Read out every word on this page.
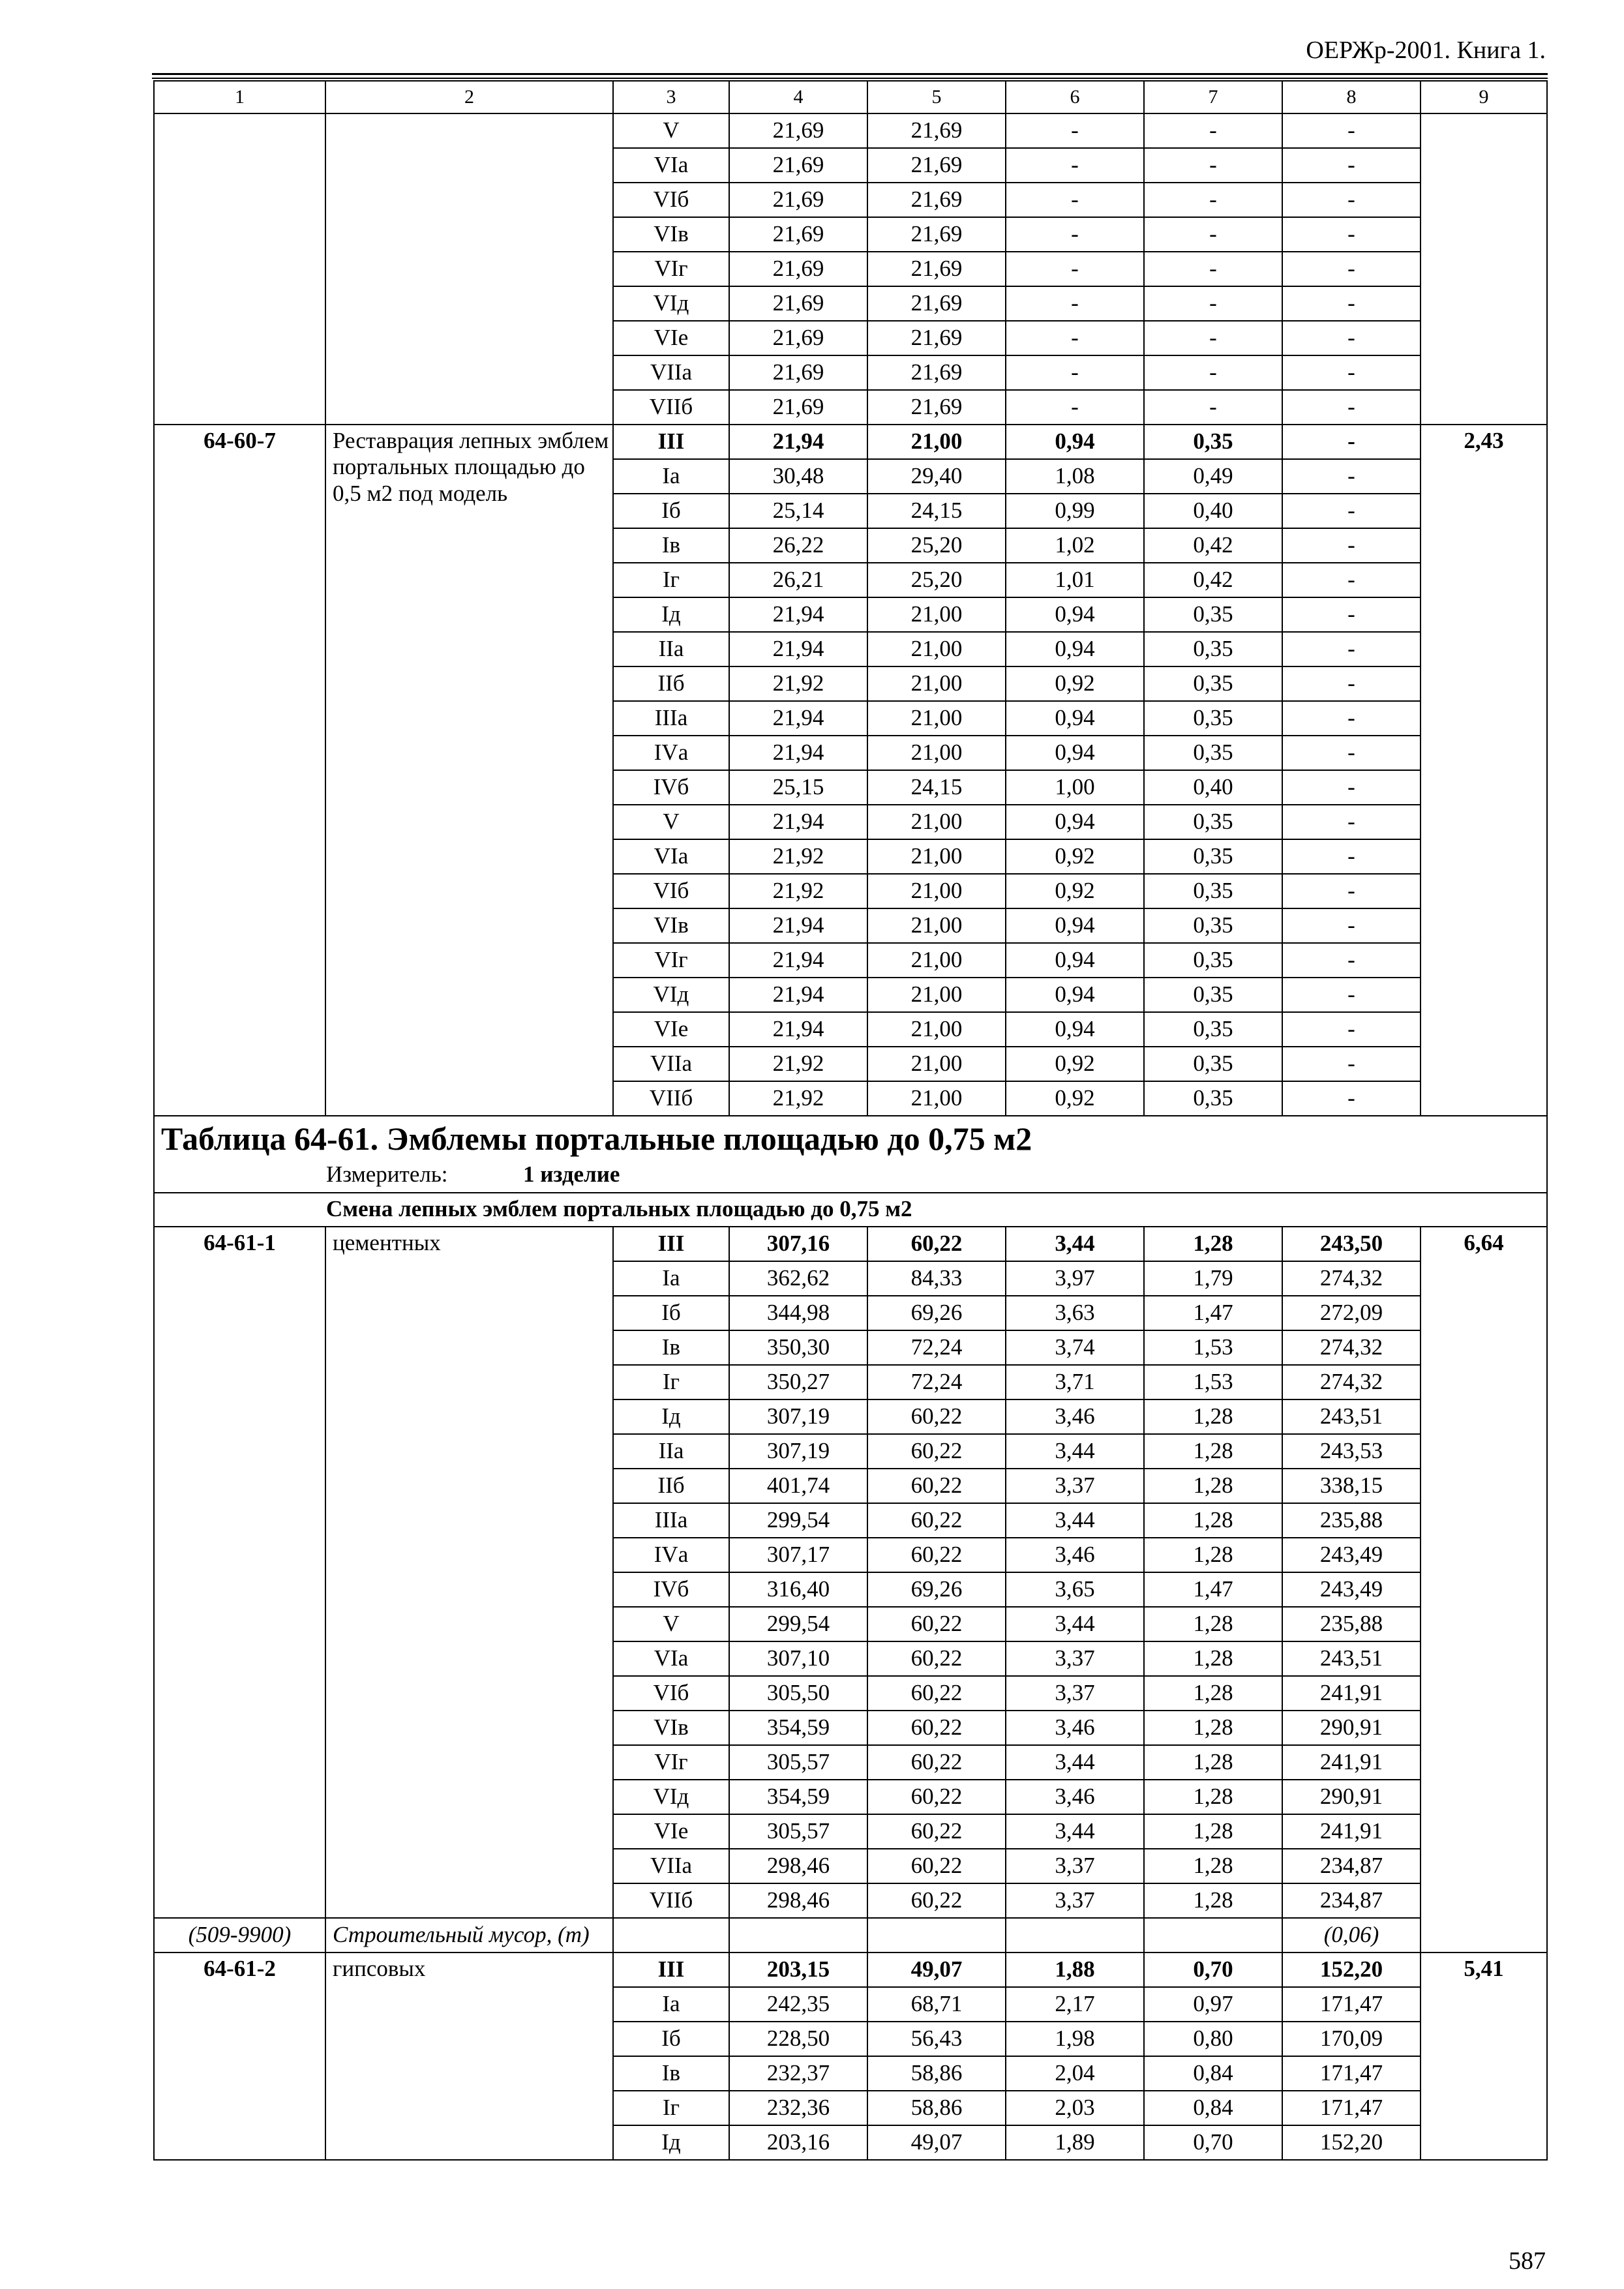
ОЕРЖр-2001. Книга 1.
1	2	3	4	5	6	7	8	9
		V	21,69	21,69	-	-	-	
		VIа	21,69	21,69	-	-	-	
		VIб	21,69	21,69	-	-	-	
		VIв	21,69	21,69	-	-	-	
		VIг	21,69	21,69	-	-	-	
		VIд	21,69	21,69	-	-	-	
		VIе	21,69	21,69	-	-	-	
		VIIа	21,69	21,69	-	-	-	
		VIIб	21,69	21,69	-	-	-	
64-60-7	Реставрация лепных эмблем портальных площадью до 0,5 м2 под модель	III	21,94	21,00	0,94	0,35	-	2,43
		Iа	30,48	29,40	1,08	0,49	-	
		Iб	25,14	24,15	0,99	0,40	-	
		Iв	26,22	25,20	1,02	0,42	-	
		Iг	26,21	25,20	1,01	0,42	-	
		Iд	21,94	21,00	0,94	0,35	-	
		IIа	21,94	21,00	0,94	0,35	-	
		IIб	21,92	21,00	0,92	0,35	-	
		IIIа	21,94	21,00	0,94	0,35	-	
		IVа	21,94	21,00	0,94	0,35	-	
		IVб	25,15	24,15	1,00	0,40	-	
		V	21,94	21,00	0,94	0,35	-	
		VIа	21,92	21,00	0,92	0,35	-	
		VIб	21,92	21,00	0,92	0,35	-	
		VIв	21,94	21,00	0,94	0,35	-	
		VIг	21,94	21,00	0,94	0,35	-	
		VIд	21,94	21,00	0,94	0,35	-	
		VIе	21,94	21,00	0,94	0,35	-	
		VIIа	21,92	21,00	0,92	0,35	-	
		VIIб	21,92	21,00	0,92	0,35	-	
Таблица 64-61. Эмблемы портальные площадью до 0,75 м2								
Измеритель: 1 изделие								
Смена лепных эмблем портальных площадью до 0,75 м2								
64-61-1	цементных	III	307,16	60,22	3,44	1,28	243,50	6,64
		Iа	362,62	84,33	3,97	1,79	274,32	
		Iб	344,98	69,26	3,63	1,47	272,09	
		Iв	350,30	72,24	3,74	1,53	274,32	
		Iг	350,27	72,24	3,71	1,53	274,32	
		Iд	307,19	60,22	3,46	1,28	243,51	
		IIа	307,19	60,22	3,44	1,28	243,53	
		IIб	401,74	60,22	3,37	1,28	338,15	
		IIIа	299,54	60,22	3,44	1,28	235,88	
		IVа	307,17	60,22	3,46	1,28	243,49	
		IVб	316,40	69,26	3,65	1,47	243,49	
		V	299,54	60,22	3,44	1,28	235,88	
		VIа	307,10	60,22	3,37	1,28	243,51	
		VIб	305,50	60,22	3,37	1,28	241,91	
		VIв	354,59	60,22	3,46	1,28	290,91	
		VIг	305,57	60,22	3,44	1,28	241,91	
		VIд	354,59	60,22	3,46	1,28	290,91	
		VIе	305,57	60,22	3,44	1,28	241,91	
		VIIа	298,46	60,22	3,37	1,28	234,87	
		VIIб	298,46	60,22	3,37	1,28	234,87	
(509-9900)	Строительный мусор, (т)						(0,06)	
64-61-2	гипсовых	III	203,15	49,07	1,88	0,70	152,20	5,41
		Iа	242,35	68,71	2,17	0,97	171,47	
		Iб	228,50	56,43	1,98	0,80	170,09	
		Iв	232,37	58,86	2,04	0,84	171,47	
		Iг	232,36	58,86	2,03	0,84	171,47	
		Iд	203,16	49,07	1,89	0,70	152,20	
587
